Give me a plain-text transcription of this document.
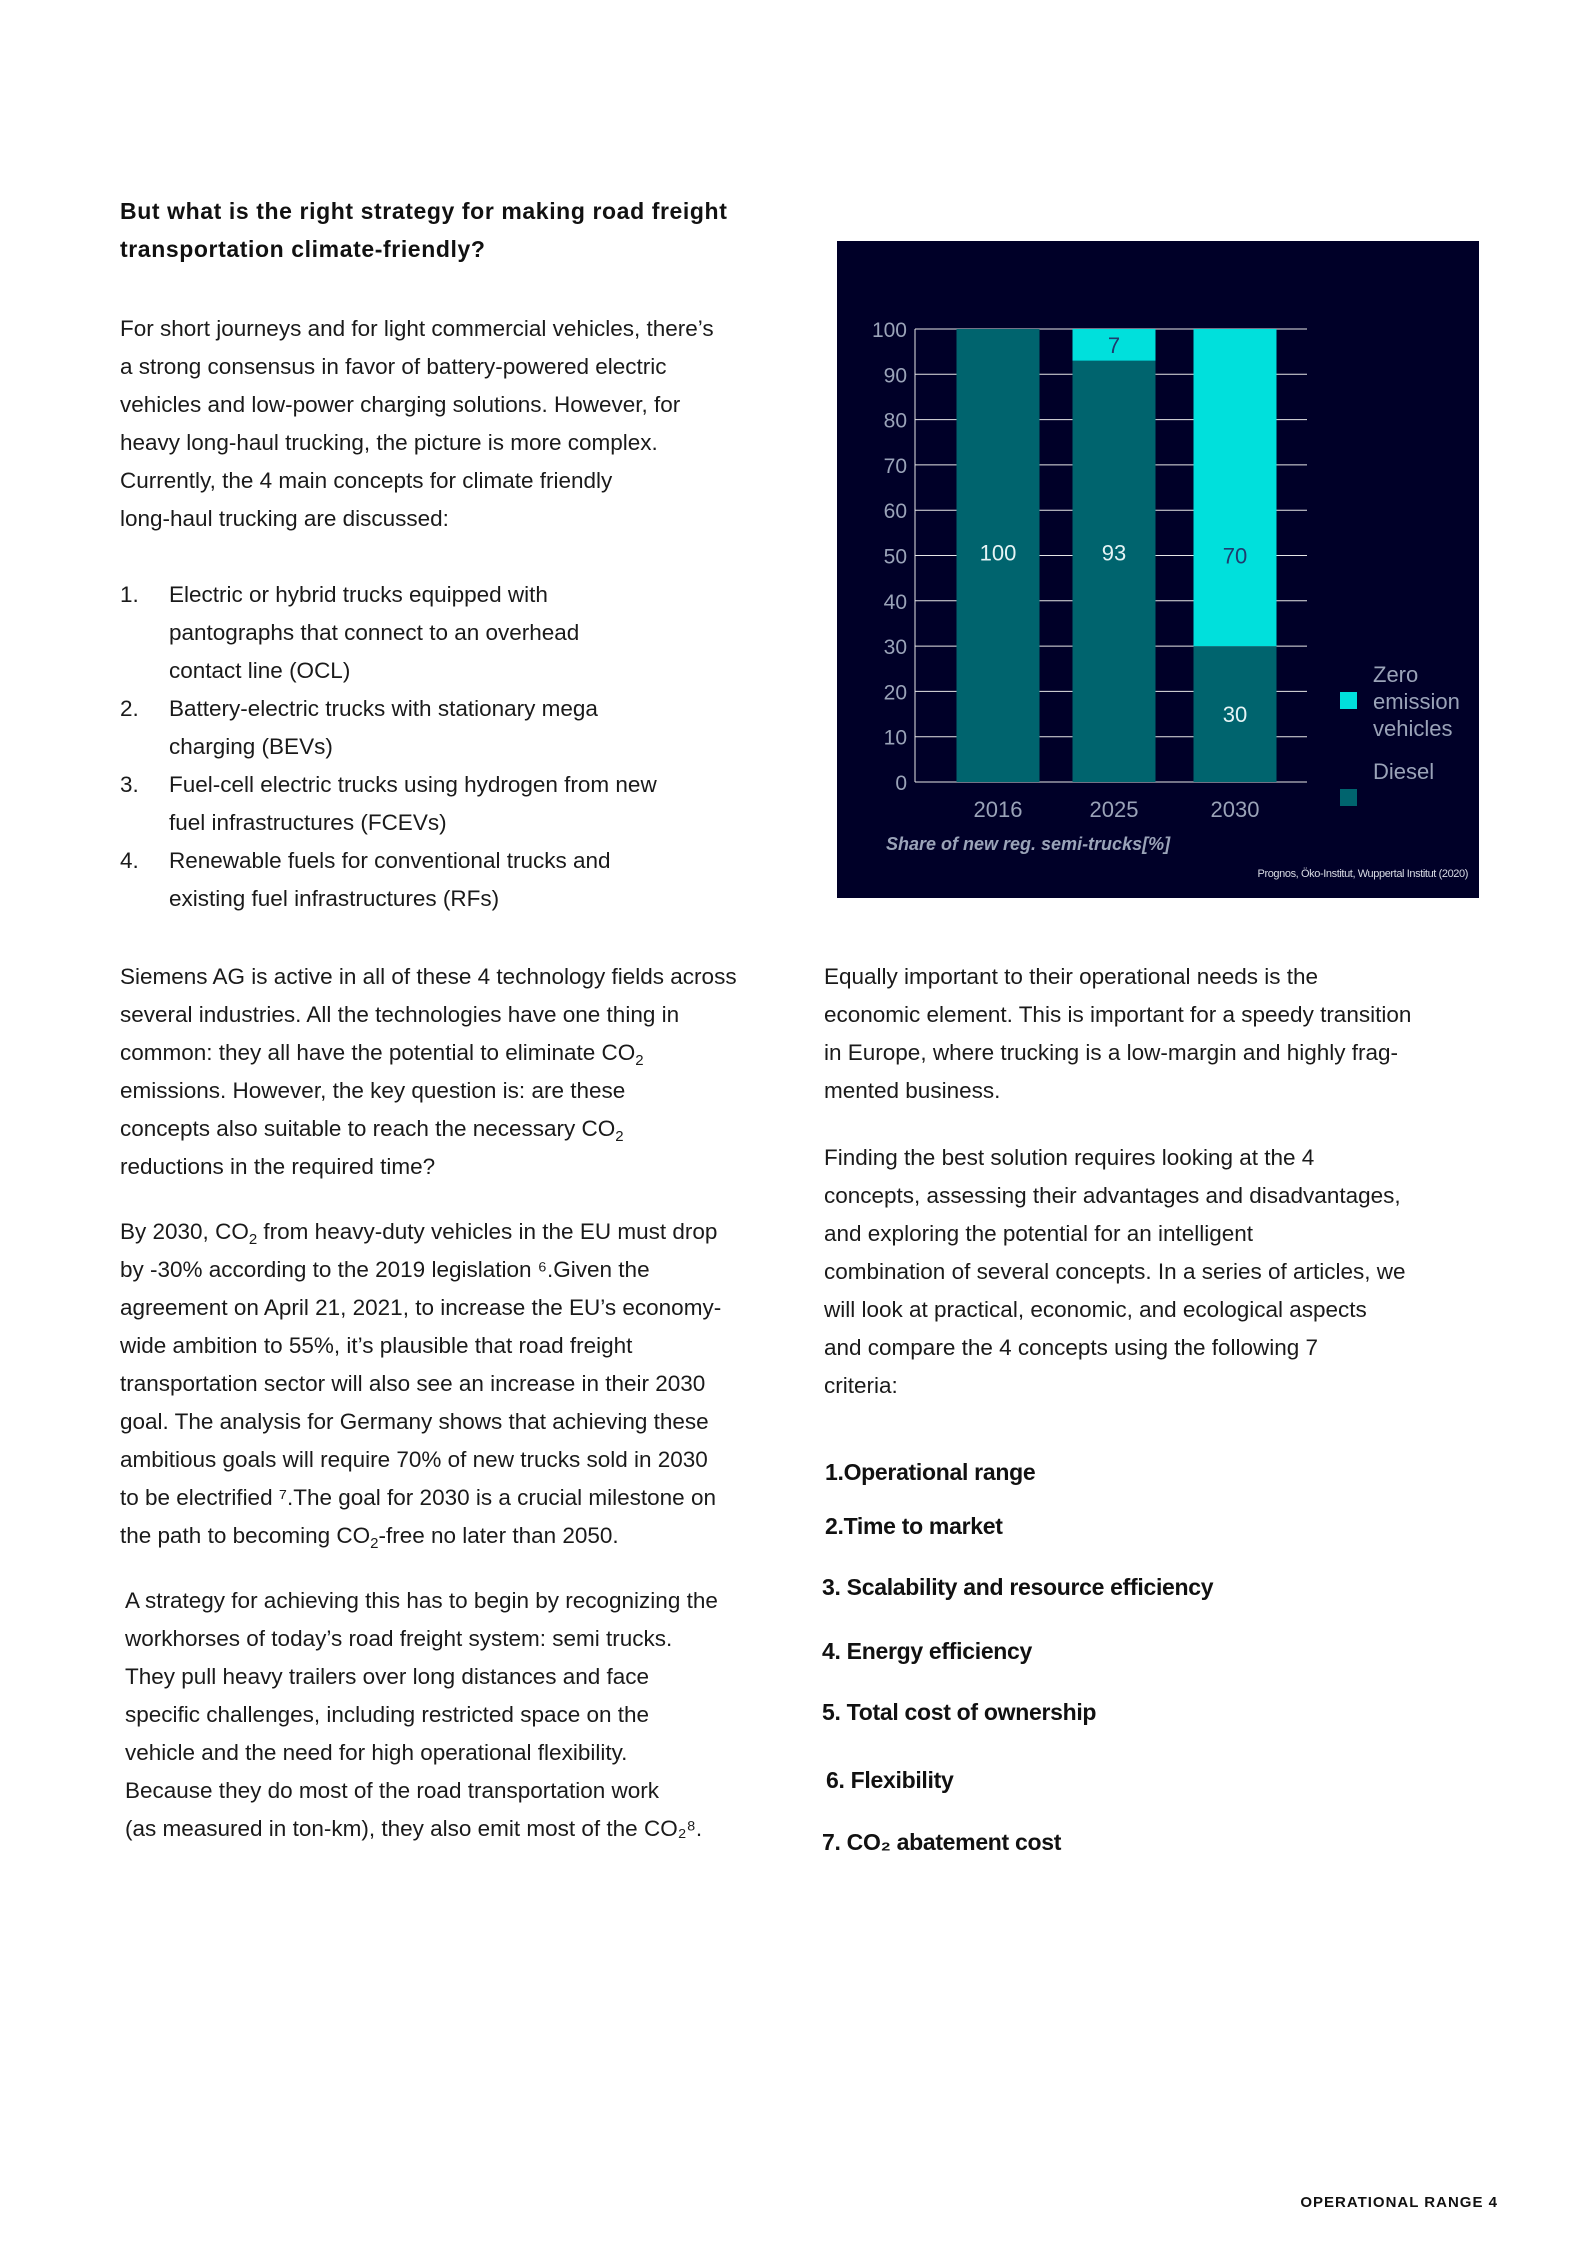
But what is the right strategy for making road freight
transportation climate-friendly?
For short journeys and for light commercial vehicles, there’s
a strong consensus in favor of battery-powered electric
vehicles and low-power charging solutions. However, for
heavy long-haul trucking, the picture is more complex.
Currently, the 4 main concepts for climate friendly
long-haul trucking are discussed:
1. Electric or hybrid trucks equipped with
pantographs that connect to an overhead
contact line (OCL)
2. Battery-electric trucks with stationary mega
charging (BEVs)
3. Fuel-cell electric trucks using hydrogen from new
fuel infrastructures (FCEVs)
4. Renewable fuels for conventional trucks and
existing fuel infrastructures (RFs)
Siemens AG is active in all of these 4 technology fields across
several industries. All the technologies have one thing in
common: they all have the potential to eliminate $CO_2$
emissions. However, the key question is: are these
concepts also suitable to reach the necessary $CO_2$
reductions in the required time?
By 2030, $CO_2$ from heavy-duty vehicles in the EU must drop
by -30% according to the 2019 legislation ⁶.Given the
agreement on April 21, 2021, to increase the EU’s economy-
wide ambition to 55%, it’s plausible that road freight
transportation sector will also see an increase in their 2030
goal. The analysis for Germany shows that achieving these
ambitious goals will require 70% of new trucks sold in 2030
to be electrified ⁷.The goal for 2030 is a crucial milestone on
the path to becoming $CO_2$-free no later than 2050.
A strategy for achieving this has to begin by recognizing the
workhorses of today’s road freight system: semi trucks.
They pull heavy trailers over long distances and face
specific challenges, including restricted space on the
vehicle and the need for high operational flexibility.
Because they do most of the road transportation work
(as measured in ton-km), they also emit most of the CO₂⁸.
Equally important to their operational needs is the
economic element. This is important for a speedy transition
in Europe, where trucking is a low-margin and highly frag-
mented business.
Finding the best solution requires looking at the 4
concepts, assessing their advantages and disadvantages,
and exploring the potential for an intelligent
combination of several concepts. In a series of articles, we
will look at practical, economic, and ecological aspects
and compare the 4 concepts using the following 7
criteria:
1.Operational range
2.Time to market
3. Scalability and resource efficiency
4. Energy efficiency
5. Total cost of ownership
6. Flexibility
7. CO₂ abatement cost
100	93
7
70
30
0
10
20
30
40
50
60
70
80
90
100
2016	2025	2030
Zero
emission
vehicles
Diesel
Share of new reg. semi-trucks[%]
Prognos, Öko-Institut, Wuppertal Institut (2020)
OPERATIONAL RANGE 4
